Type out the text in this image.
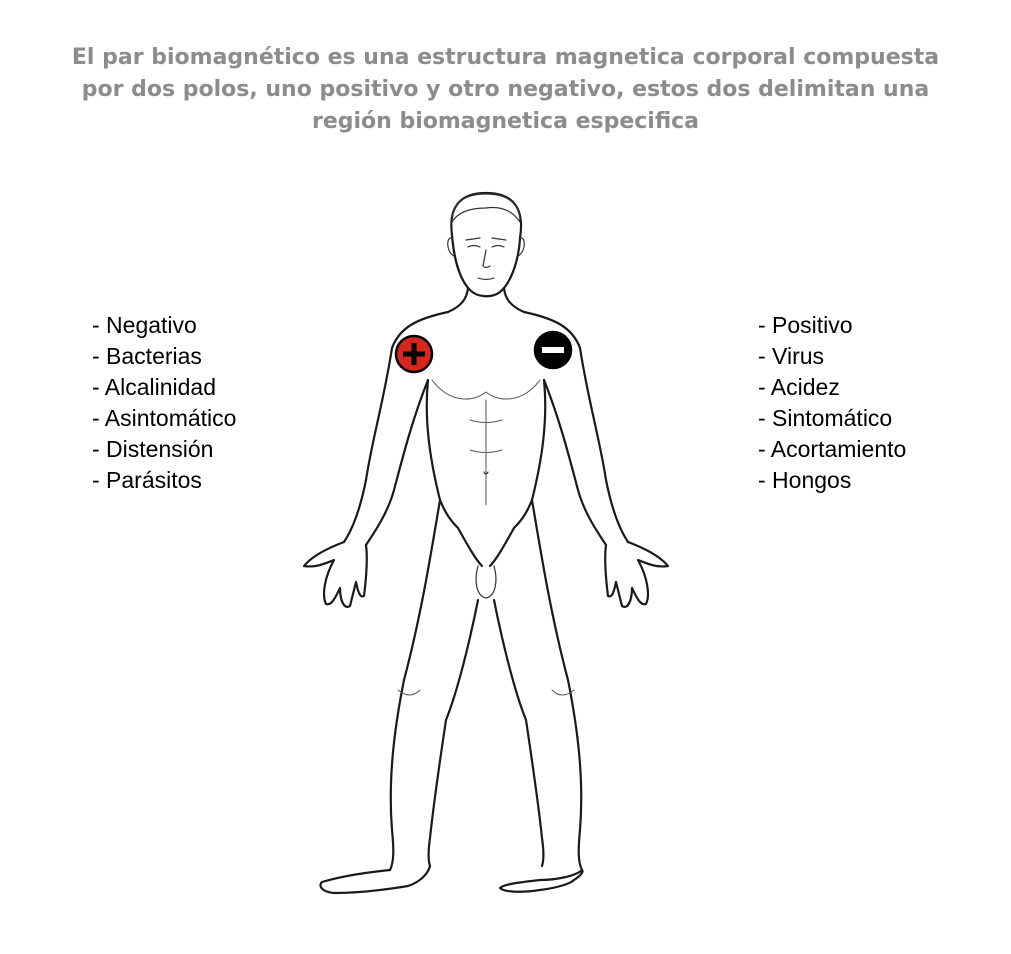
El par biomagnético es una estructura magnetica corporal compuesta
por dos polos, uno positivo y otro negativo, estos dos delimitan una
región biomagnetica especifica
- Negativo
- Bacterias
- Alcalinidad
- Asintomático
- Distensión
- Parásitos
- Positivo
- Virus
- Acidez
- Sintomático
- Acortamiento
- Hongos
